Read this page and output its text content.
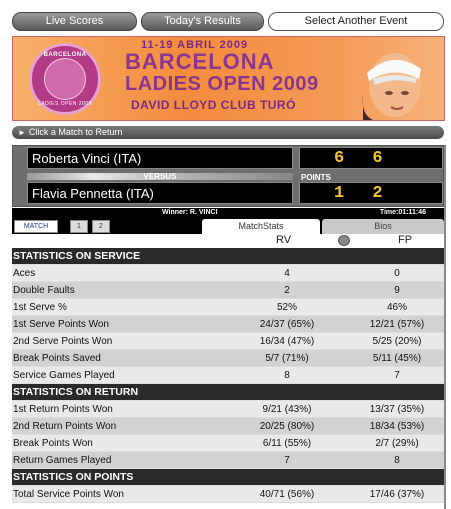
Live Scores	Today's Results	Select Another Event
BARCELONA
LADIES OPEN 2009
11-19 ABRIL 2009
BARCELONA
LADIES OPEN 2009
DAVID LLOYD CLUB TURÓ
► Click a Match to Return
Roberta Vinci (ITA)	6 6
VERSUS	POINTS
Flavia Pennetta (ITA)	1 2
Winner: R. VINCI	Time:01:11:46
MATCH	1	2	MatchStats	Bios
RV	FP
STATISTICS ON SERVICE
Aces	4	0
Double Faults	2	9
1st Serve %	52%	46%
1st Serve Points Won	24/37 (65%)	12/21 (57%)
2nd Serve Points Won	16/34 (47%)	5/25 (20%)
Break Points Saved	5/7 (71%)	5/11 (45%)
Service Games Played	8	7
STATISTICS ON RETURN
1st Return Points Won	9/21 (43%)	13/37 (35%)
2nd Return Points Won	20/25 (80%)	18/34 (53%)
Break Points Won	6/11 (55%)	2/7 (29%)
Return Games Played	7	8
STATISTICS ON POINTS
Total Service Points Won	40/71 (56%)	17/46 (37%)
